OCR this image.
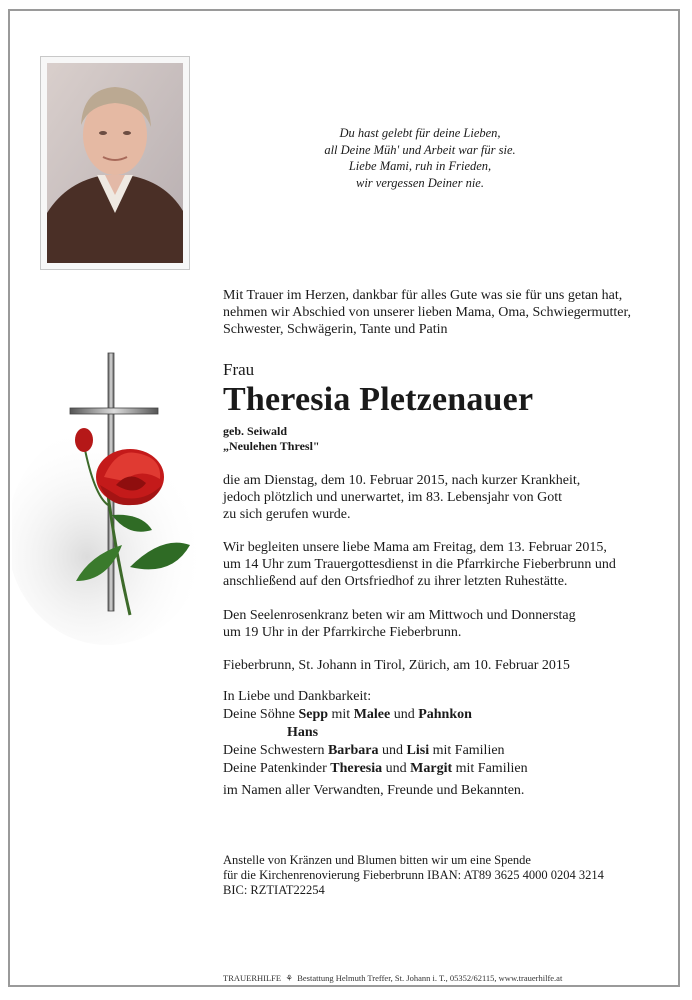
Du hast gelebt für deine Lieben,
all Deine Müh' und Arbeit war für sie.
Liebe Mami, ruh in Frieden,
wir vergessen Deiner nie.
Mit Trauer im Herzen, dankbar für alles Gute was sie für uns getan hat,
nehmen wir Abschied von unserer lieben Mama, Oma, Schwiegermutter,
Schwester, Schwägerin, Tante und Patin
Frau
Theresia Pletzenauer
geb. Seiwald
„Neulehen Thresl"
die am Dienstag, dem 10. Februar 2015, nach kurzer Krankheit,
jedoch plötzlich und unerwartet, im 83. Lebensjahr von Gott
zu sich gerufen wurde.
Wir begleiten unsere liebe Mama am Freitag, dem 13. Februar 2015,
um 14 Uhr zum Trauergottesdienst in die Pfarrkirche Fieberbrunn und
anschließend auf den Ortsfriedhof zu ihrer letzten Ruhestätte.
Den Seelenrosenkranz beten wir am Mittwoch und Donnerstag
um 19 Uhr in der Pfarrkirche Fieberbrunn.
Fieberbrunn, St. Johann in Tirol, Zürich, am 10. Februar 2015
In Liebe und Dankbarkeit:
Deine Söhne Sepp mit Malee und Pahnkon
Hans
Deine Schwestern Barbara und Lisi mit Familien
Deine Patenkinder Theresia und Margit mit Familien
im Namen aller Verwandten, Freunde und Bekannten.
Anstelle von Kränzen und Blumen bitten wir um eine Spende
für die Kirchenrenovierung Fieberbrunn IBAN: AT89 3625 4000 0204 3214
BIC: RZTIAT22254
TRAUERHILFE  ⚘  Bestattung Helmuth Treffer, St. Johann i. T., 05352/62115, www.trauerhilfe.at
